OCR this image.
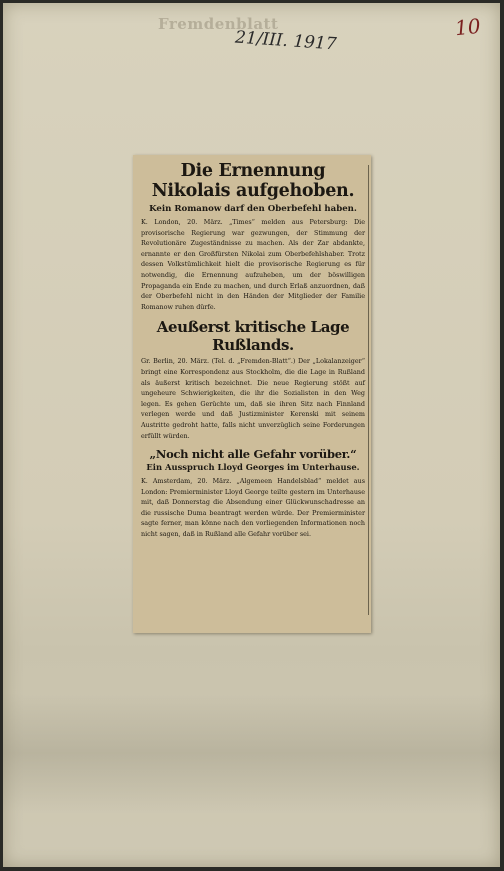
Fremdenblatt
21/III. 1917
10

Die Ernennung Nikolais aufgehoben.

Kein Romanow darf den Oberbefehl haben.

K. London, 20. März. „Times“ melden aus Petersburg: Die provisorische Regierung war gezwungen, der Stimmung der Revolutionäre Zugeständnisse zu machen. Als der Zar abdankte, ernannte er den Großfürsten Nikolai zum Oberbefehlshaber. Trotz dessen Volkstümlichkeit hielt die provisorische Regierung es für notwendig, die Ernennung aufzuheben, um der böswilligen Propaganda ein Ende zu machen, und durch Erlaß anzuordnen, daß der Oberbefehl nicht in den Händen der Mitglieder der Familie Romanow ruhen dürfe.

Aeußerst kritische Lage Rußlands.

Gr. Berlin, 20. März. (Tel. d. „Fremden-Blatt“.) Der „Lokalanzeiger“ bringt eine Korrespondenz aus Stockholm, die die Lage in Rußland als äußerst kritisch bezeichnet. Die neue Regierung stößt auf ungeheure Schwierigkeiten, die ihr die Sozialisten in den Weg legen. Es gehen Gerüchte um, daß sie ihren Sitz nach Finnland verlegen werde und daß Justizminister Kerenski mit seinem Austritte gedroht hatte, falls nicht unverzüglich seine Forderungen erfüllt würden.

„Noch nicht alle Gefahr vorüber.“

Ein Ausspruch Lloyd Georges im Unterhause.

K. Amsterdam, 20. März. „Algemeen Handelsblad“ meldet aus London: Premierminister Lloyd George teilte gestern im Unterhause mit, daß Donnerstag die Absendung einer Glückwunschadresse an die russische Duma beantragt werden würde. Der Premierminister sagte ferner, man könne nach den vorliegenden Informationen noch nicht sagen, daß in Rußland alle Gefahr vorüber sei.
